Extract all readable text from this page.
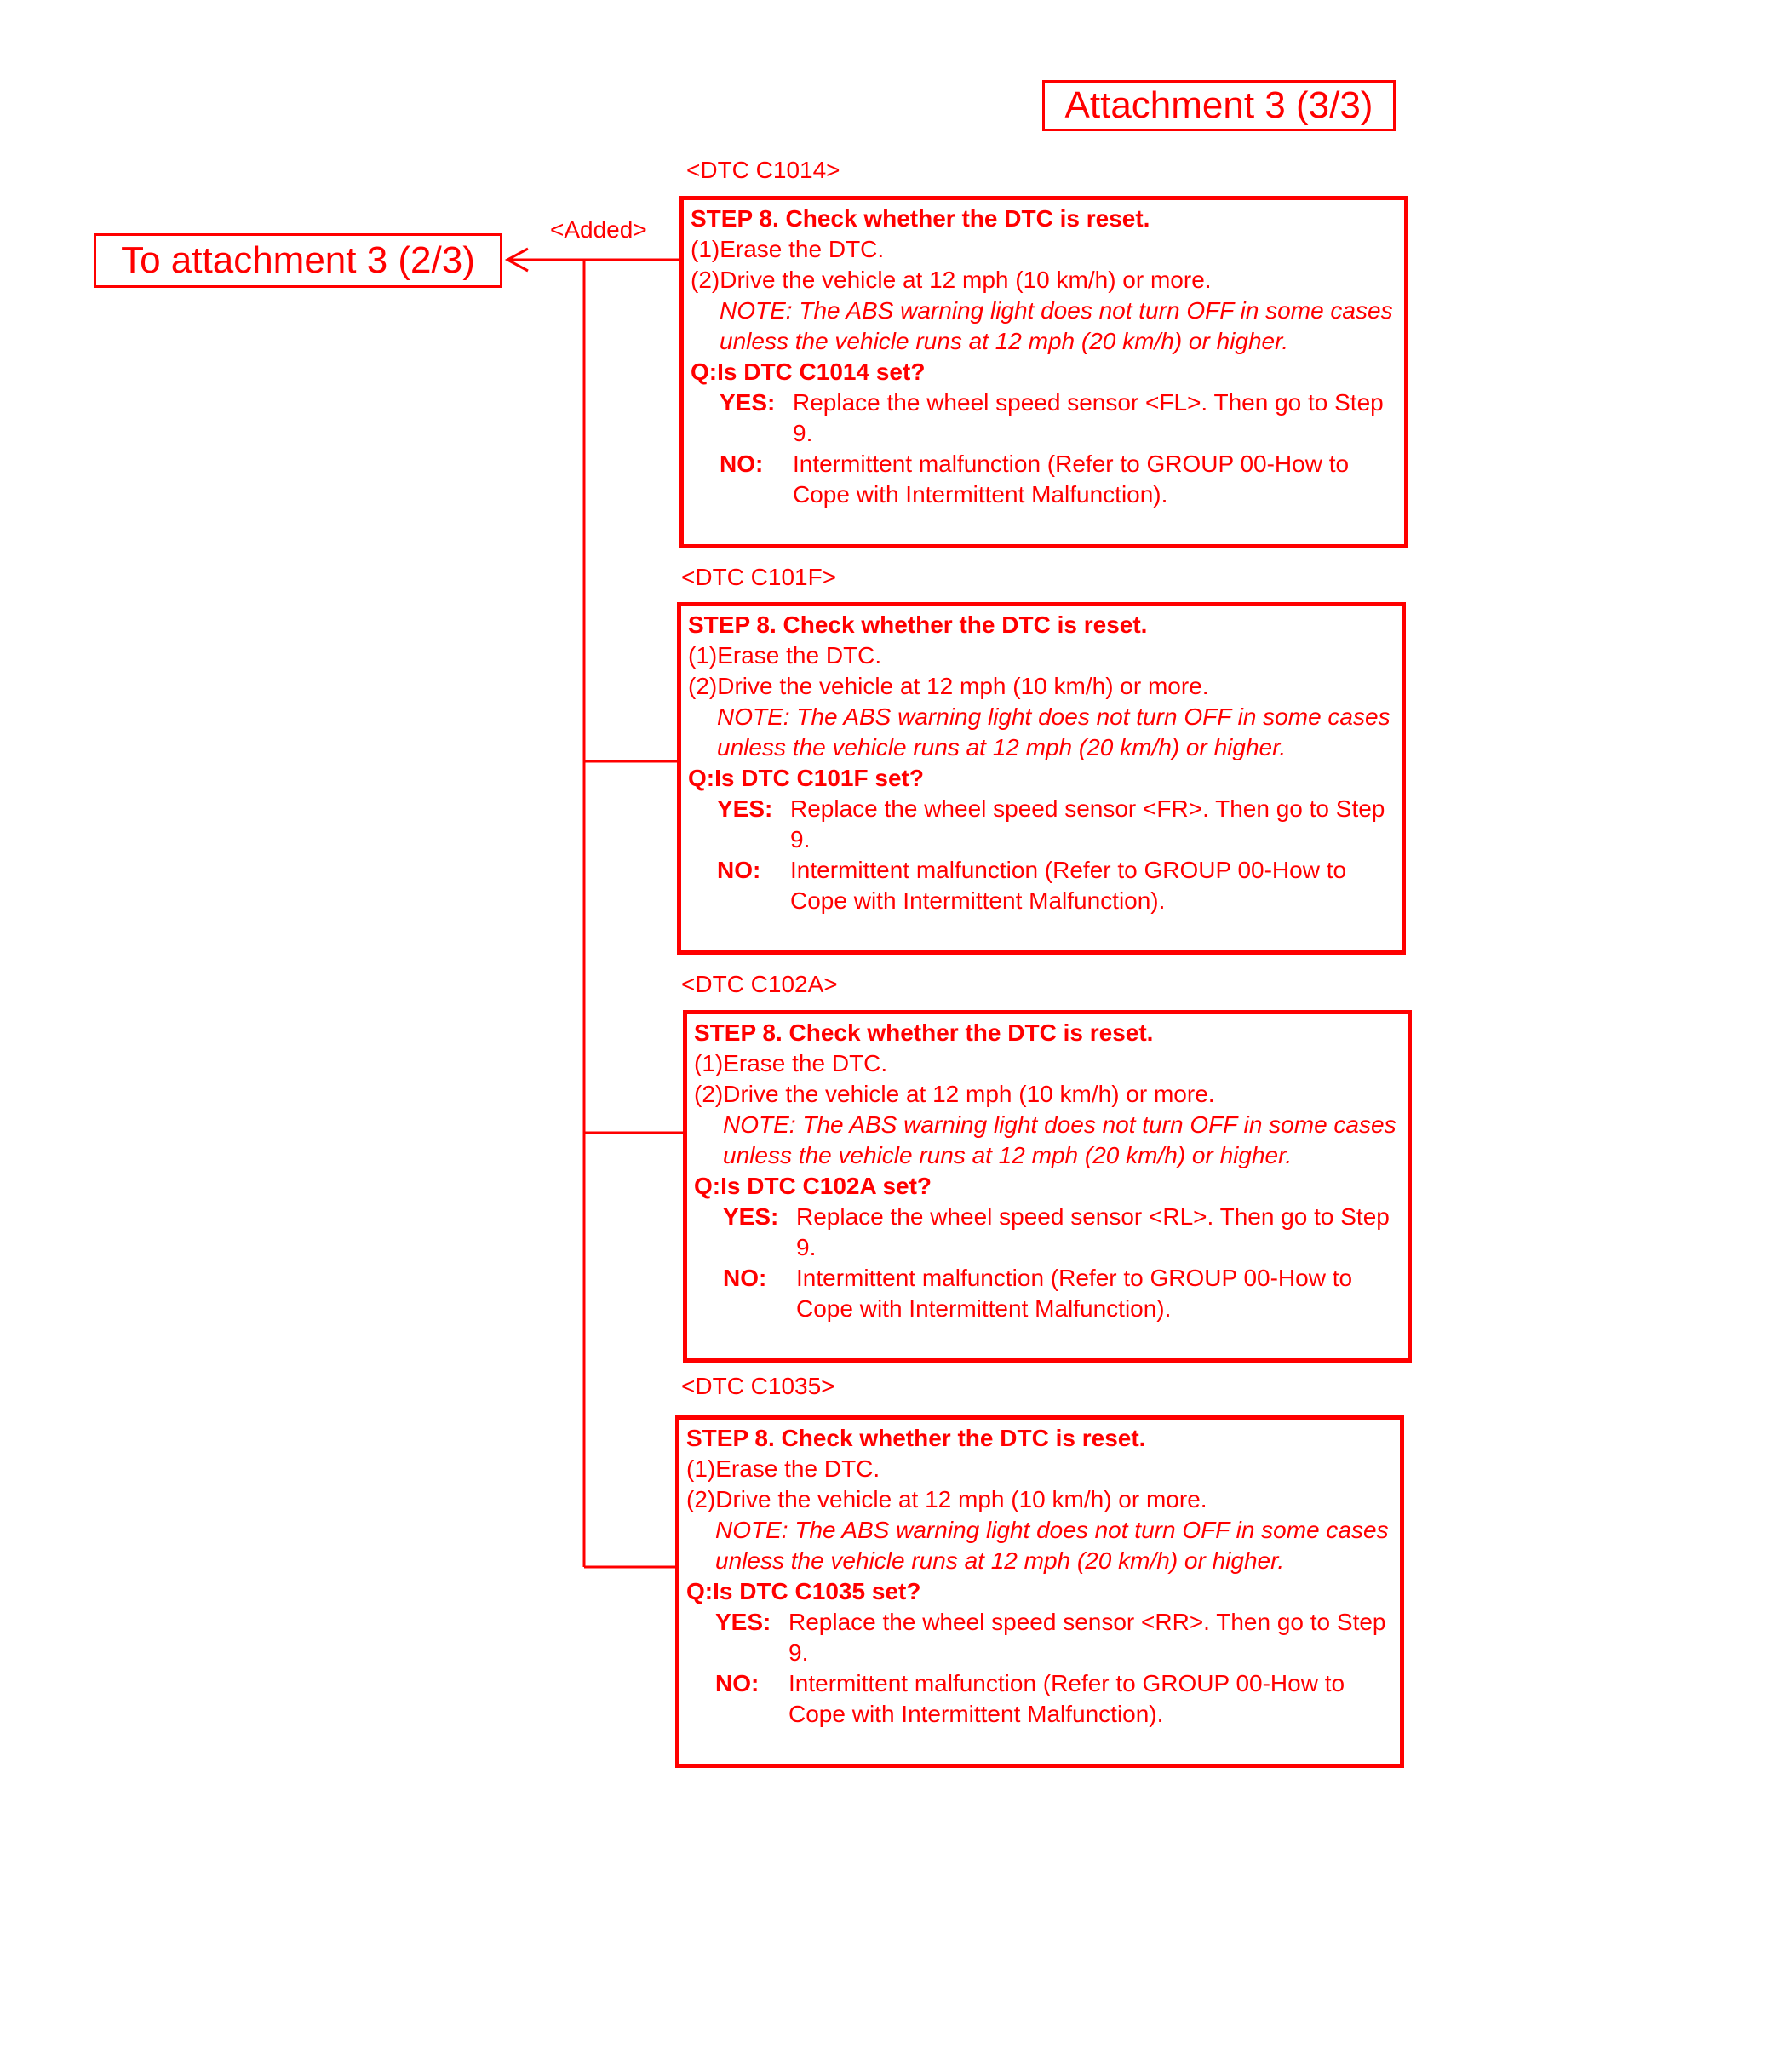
Attachment 3 (3/3)
To attachment 3 (2/3)
<Added>
<DTC C1014>
STEP 8. Check whether the DTC is reset.
(1)Erase the DTC.
(2)Drive the vehicle at 12 mph (10 km/h) or more.
NOTE: The ABS warning light does not turn OFF in some cases unless the vehicle runs at 12 mph (20 km/h) or higher.
Q:Is DTC C1014 set?
YES: Replace the wheel speed sensor <FL>. Then go to Step 9.
NO:	Intermittent malfunction (Refer to GROUP 00-How to Cope with Intermittent Malfunction).
<DTC C101F>
STEP 8. Check whether the DTC is reset.
(1)Erase the DTC.
(2)Drive the vehicle at 12 mph (10 km/h) or more.
NOTE: The ABS warning light does not turn OFF in some cases unless the vehicle runs at 12 mph (20 km/h) or higher.
Q:Is DTC C101F set?
YES: Replace the wheel speed sensor <FR>. Then go to Step 9.
NO:	Intermittent malfunction (Refer to GROUP 00-How to Cope with Intermittent Malfunction).
<DTC C102A>
STEP 8. Check whether the DTC is reset.
(1)Erase the DTC.
(2)Drive the vehicle at 12 mph (10 km/h) or more.
NOTE: The ABS warning light does not turn OFF in some cases unless the vehicle runs at 12 mph (20 km/h) or higher.
Q:Is DTC C102A set?
YES: Replace the wheel speed sensor <RL>. Then go to Step 9.
NO:	Intermittent malfunction (Refer to GROUP 00-How to Cope with Intermittent Malfunction).
<DTC C1035>
STEP 8. Check whether the DTC is reset.
(1)Erase the DTC.
(2)Drive the vehicle at 12 mph (10 km/h) or more.
NOTE: The ABS warning light does not turn OFF in some cases unless the vehicle runs at 12 mph (20 km/h) or higher.
Q:Is DTC C1035 set?
YES: Replace the wheel speed sensor <RR>. Then go to Step 9.
NO:	Intermittent malfunction (Refer to GROUP 00-How to Cope with Intermittent Malfunction).
